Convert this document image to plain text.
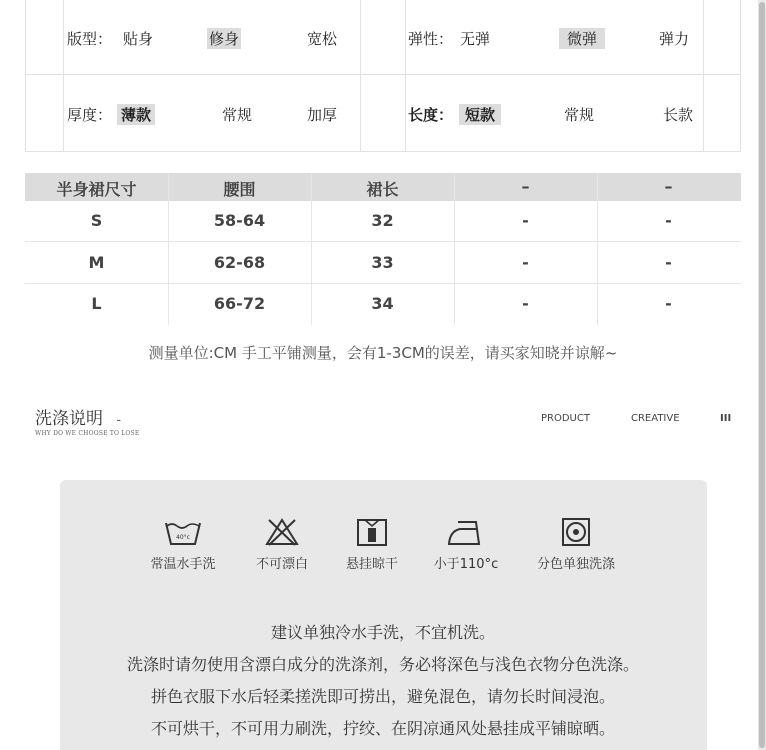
版型： 贴身	修身	宽松	弹性： 无弹	微弹	弹力
厚度： 薄款	常规	加厚	长度： 短款	常规	长款
半身裙尺寸	腰围	裙长	–	–
S	58-64	32	-	-
M	62-68	33	-	-
L	66-72	34	-	-
测量单位:CM 手工平铺测量，会有1-3CM的误差，请买家知晓并谅解~
洗涤说明 -
WHY DO WE CHOOSE TO LOSE
PRODUCT	CREATIVE	III
40°c
常温水手洗	不可漂白	悬挂晾干	小于110°c	分色单独洗涤
建议单独冷水手洗，不宜机洗。
洗涤时请勿使用含漂白成分的洗涤剂，务必将深色与浅色衣物分色洗涤。
拼色衣服下水后轻柔搓洗即可捞出，避免混色，请勿长时间浸泡。
不可烘干，不可用力刷洗，拧绞、在阴凉通风处悬挂成平铺晾晒。
